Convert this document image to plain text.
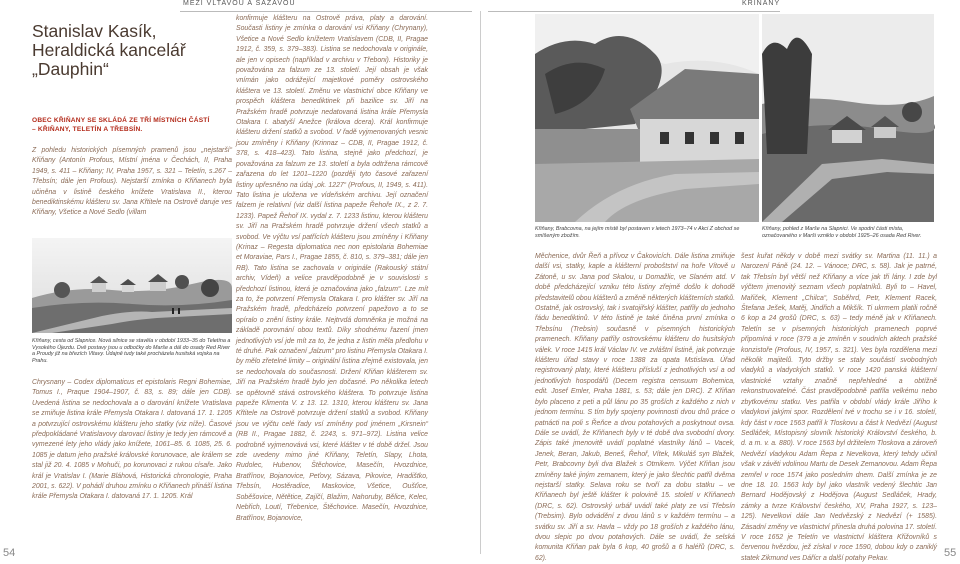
MEZI VLTAVOU A SÁZAVOU	KŘIŇANY
Stanislav Kasík,
Heraldická kancelář
„Dauphin“
OBEC KŘIŇANY SE SKLÁDÁ ZE TŘÍ MÍSTNÍCH ČÁSTÍ
– KŘIŇANY, TELETÍN A TŘEBSÍN.

Z pohledu historických písemných pramenů jsou „nejstarší“ Křiňany (Antonín Profous, Místní jména v Čechách, II, Praha 1949, s. 411 – Křiňany; IV, Praha 1957, s. 321 – Teletín, s.267 – Třebsín; dále jen Profous). Nejstarší zmínka o Křiňanech byla učiněna v listině českého knížete Vratislava II., kterou benediktinskému klášteru sv. Jana Křtitele na Ostrově daruje ves Křiňany, Všetice a Nové Sedlo (villam

Křiňany, cesta od Slapnice. Nová silnice se stavěla v období 1933–35 do Teletína a Vysokého Újezdu. Dvě postavy jsou u odbočky do Marše a dál do osady Red River a Proudy již na březích Vltavy. Údajně tudy také procházela husitská vojska na Prahu.

Chrysnany – Codex diplomaticus et epistolaris Regni Bohemiae, Tomus I., Praque 1904–1907, č. 83, s. 89; dále jen CDB). Uvedená listina se nedochovala a o darování knížete Vratislava se zmiňuje listina krále Přemysla Otakara I. datovaná 17. 1. 1205 a potvrzující ostrovskému klášteru jeho statky (viz níže). Časové předpokládané Vratislavovy darovací listiny je tedy jen rámcově a vymezené lety jeho vlády jako knížete, 1061–85. 6. 1085, 25. 6. 1085 je datum jeho pražské královské korunovace, ale králem se stal již 20. 4. 1085 v Mohuči, po korunovaci z rukou císaře. Jako král je Vratislav I. (Marie Bláhová, Historická chronologie, Praha 2001, s. 622). V pohádí druhou zmínku o Křiňanech přináší listina krále Přemysla Otakara I. datovaná 17. 1. 1205. Král

konfirmuje klášteru na Ostrově práva, platy a darování. Současti listiny je zmínka o darování vsi Křiňany (Chrynany), Všetice a Nové Sedlo knížetem Vratislavem (CDB, II, Pragae 1912, č. 359, s. 379–383). Listina se nedochovala v originále, ale jen v opisech (například v archivu v Třeboni). Historiky je považována za falzum ze 13. století. Její obsah je však vnímán jako odrážející majetkové poměry ostrovského kláštera ve 13. století. Změnu ve vlastnictví obce Křiňany ve prospěch kláštera benediktinek při bazilice sv. Jiří na Pražském hradě potvrzuje nedatovaná listina krále Přemysla Otakara I. abatyší Anežce (králova dcera). Král konfirmuje klášteru držení statků a svobod. V řadě vyjmenovaných vesnic jsou zmíněny i Křiňany (Krinnaz – CDB, II, Pragae 1912, č. 378, s. 418–423). Tato listina, stejně jako předchozí, je považována za falzum ze 13. století a byla odtržena rámcově zařazena do let 1201–1220 (později tyto časové zařazení listiny upřesněno na údaj „ok. 1227“ (Profous, II, 1949, s. 411). Tato listina je uložena ve vídeňském archivu. Její označení falzem je relativní (viz další listina papeže Řehoře IX., z 2. 7. 1233). Papež Řehoř IX. vydal z. 7. 1233 listinu, kterou klášteru sv. Jiří na Pražském hradě potvrzuje držení všech statků a svobod. Ve výčtu vsí patřících klášteru jsou zmíněny i Křiňany (Krinaz – Regesta diplomatica nec non epistolaria Bohemiae et Moraviae, Pars I., Pragae 1855, č. 810, s. 379–381; dále jen RB). Tato listina se zachovala v originále (Rakouský státní archiv, Vídeň) a velice pravděpodobně je v souvislosti s předchozí listinou, která je označována jako „falzum“. Lze mít za to, že potvrzení Přemysla Otakara I. pro klášter sv. Jiří na Pražském hradě, předcházelo potvrzení papežovo a to se opíralo o znění listiny krále. Nejtrvdá domněnka je možná na základě porovnání obou textů. Díky shodnému řazení jmen jednotlivých vsí jde mít za to, že jedna z listin měla předlohu v té druhé. Pak označení „falzum“ pro listinu Přemysla Otakara I. by mělo zřetelné limity – originální listina zřejmě existovala, jen se nedochovala do současnosti. Držení Křiňan klášterem sv. Jiří na Pražském hradě bylo jen dočasné. Po několika letech se opětovně stává ostrovského kláštera. To potvrzuje listina papeže Klimenta V. z 13. 12. 1310, kterou klášteru sv. Jana Křtitele na Ostrově potvrzuje držení statků a svobod. Křiňany jsou ve výčtu celé řady vsí zmíněny pod jménem „Kirsnein“ (RB II., Pragae 1882, č. 2243, s. 971–972). Listina velice podrobně vyjmenovává vsi, které klášter v té době držel. Jsou zde uvedeny mimo jiné Křiňany, Teletín, Slapy, Lhota, Rudolec, Hubenov, Štěchovice, Masečín, Hvozdnice, Bratřínov, Bojanovice, Peťovy, Sázava, Pikovice, Hradištko, Třebsín, Hostěradice, Maskovice, Všetice, Oušťice, Soběšovice, Nětětice, Zajíčí, Blažim, Nahoruby, Bělice, Kelec, Nebřich, Loutí, Třebenice, Štěchovice. Masečín, Hvozdnice, Bratřínov, Bojanovice,

54
Křiňany, Brabcovna, na jejím místě byl postaven v letech 1973–74 v Akci Z obchod se smíšeným zbožím.
Křiňany, pohled z Marše na Slapnici. Ve spodní části místa, označovaného v Marši vzniklo v období 1925–26 osada Red River.

Měchenice, dvůr Řeň a přívoz v Čakovicích. Dále listina zmiňuje další vsi, statky, kaple a klášterní proboštství na hoře Vítově u Zátoně, u sv. Jana pod Skalou, u Domažlic, ve Slaném atd. V době předcházející vzniku této listiny zřejmě došlo k dohodě představitelů obou klášterů a změně některých klášterních statků. Ostatně, jak ostrovský, tak i svatojiřský klášter, patřily do jednoho řádu benediktinů. V této listině je také činěna první zmínka o Třebsínu (Trebsin) současně v písemných historických pramenech. Křiňany patřily ostrovskému klášteru do husitských válek. V roce 1415 král Václav IV. ve zvláštní listině, jak potvrzuje klášteru úřad stavy v roce 1388 za opata Mstislava. Úřad registrovaný platy, které klášteru přísluší z jednotlivých vsí a od jednotlivých hospodářů (Decem registra censuum Bohemica, edit. Josef Emler, Praha 1881, s. 53; dále jen DRC). Z Křiňan bylo placeno z peti a půl lánu po 35 groších z každého z nich v jednom termínu. S tím byly spojeny povinnosti dvou dnů práce o patnácti na poli s Řeňce a dvou potahových a poskytnout ovsa. Dále se uvádí, že Křiňanech byly v té době dva svobodní dvory. Zápis také jmenovitě uvádí poplatné vlastníky lánů – Vacek, Jenek, Beran, Jakub, Beneš, Řehoř, Vítek, Mikuláš syn Blažek, Petr, Brabcovny byli dva Blažek s Otmikem. Výčet Křiňan jsou zmíněny také jiným zemanem, který je jako šlechtic patřil dvěma nejstarší statky. Selava roku se tvoří za dobu statku – ve Křiňanech byl ještě klášter k polovině 15. století v Křiňanech (DRC, s. 62). Ostrovský urbář uvádí také platy ze vsi Třebsín (Trebsim). Bylo odvádění z dvou lánů s v každém termínu – a svátku sv. Jiří a sv. Havla – vždy po 18 groších z každého lánu, dvou slepic po dvou potahových. Dále se uvádí, že selská komunita Křiňan pak byla 6 kop, 40 grošů a 6 haléřů (DRC, s. 62).

šest kuřat někdy v době mezi svátky sv. Martina (11. 11.) a Narození Páně (24. 12. – Vánoce; DRC, s. 58). Jak je patrné, tak Třebsín byl větší než Křiňany a více jak tři lány. I zde byl výčtem jmenovitý seznam všech poplatníků. Byli to – Havel, Mařiček, Klement „Chilca“, Soběhrd, Petr, Klement Racek, Štefana Ješek, Matěj, Jindřich a Mikšík. Ti ukrmem platili ročně 6 kop a 24 grošů (DRC, s. 63) – tedy méně jak v Křiňanech. Teletín se v písemných historických pramenech poprvé připomíná v roce (379 a je zmíněn v soudních aktech pražské konzistoře (Profous, IV, 1957, s. 321). Ves byla rozdělena mezi několik majitelů. Tyto držby se staly součástí svobodných vladyků a vladyckých statků. V roce 1420 panská klášterní vlastnické vztahy značně nepřehledné a obtížně rekonstruovatelné. Část pravděpodobně patřila velkému nebo zbytkovému statku. Ves patřila v období vlády krále Jiřího k vladykovi jakými spor. Rozdělení tvé v trochu se i v 16. století, kdy část v roce 1563 patřil k Tloskovu a část k Nedvězí (August Sedláček, Místopisný slovník historický Království českého, b. d. a m. v. a. 880). V roce 1563 byl držitelem Tloskova a zároveň Nedvězí vladykou Adam Řepa z Nevelkova, který tehdy učinil však v závěti vdolinou Martu de Desek Zemanovou. Adam Řepa zemřel v roce 1574 jako posledním dnem. Další zmínka je ze dne 18. 10. 1563 kdy byl jako vlastník vedený šlechtic Jan Bernard Hodějovský z Hodějova (August Sedláček, Hrady, zámky a tvrze Království českého, XV, Praha 1927, s. 123–125). Nevelkovi dále Jan Nedvězský z Nedvězí (+ 1585). Zásadní změny ve vlastnictví přinesla druhá polovina 17. století. V roce 1652 je Teletín ve vlastnictví kláštera Křižovníků s červenou hvězdou, jež získal v roce 1590, dobou kdy o zaniklý statek Zikmund ves Dářícr a další potahy Pekav.	55
